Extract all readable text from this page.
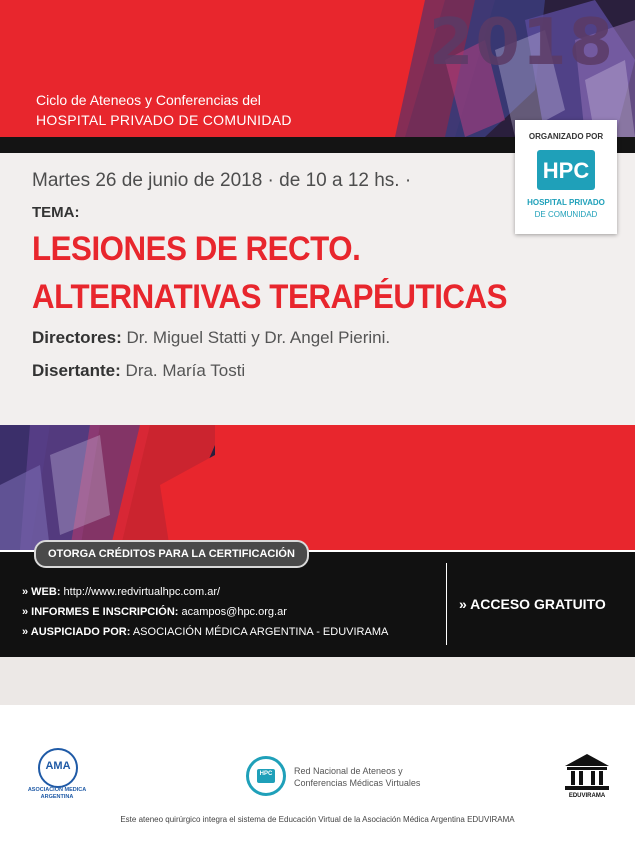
2018
Ciclo de Ateneos y Conferencias del
HOSPITAL PRIVADO DE COMUNIDAD
Martes 26 de junio de 2018 · de 10 a 12 hs. ·
TEMA:
LESIONES DE RECTO.
ALTERNATIVAS TERAPÉUTICAS
Directores: Dr. Miguel Statti y Dr. Angel Pierini.
Disertante: Dra. María Tosti
ORGANIZADO POR
HPC
HOSPITAL PRIVADO
DE COMUNIDAD
OTORGA CRÉDITOS PARA LA CERTIFICACIÓN
» WEB: http://www.redvirtualhpc.com.ar/
» INFORMES E INSCRIPCIÓN: acampos@hpc.org.ar
» AUSPICIADO POR: ASOCIACIÓN MÉDICA ARGENTINA - EDUVIRAMA
» ACCESO GRATUITO
AMA
ASOCIACION MEDICA ARGENTINA
HPC Red Nacional de Ateneos y
Conferencias Médicas Virtuales
EDUVIRAMA
Este ateneo quirúrgico integra el sistema de Educación Virtual de la Asociación Médica Argentina EDUVIRAMA
